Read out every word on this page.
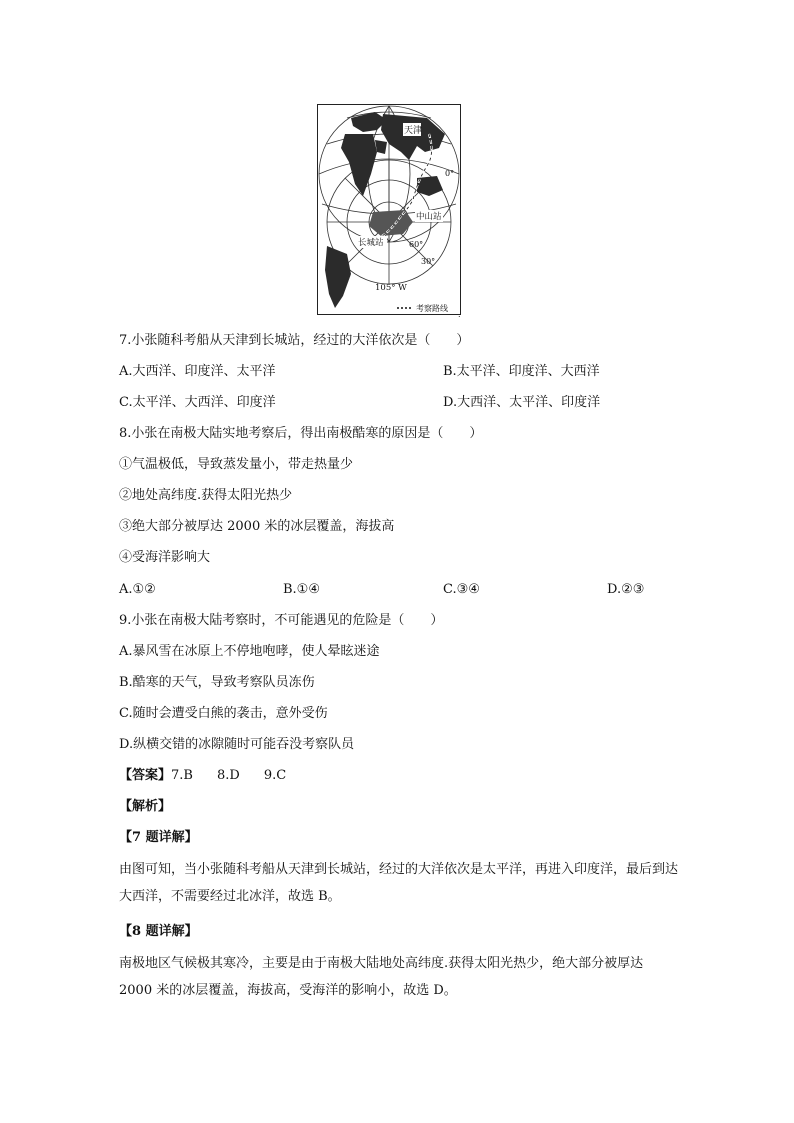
天津
中山站
长城站
0°
60°
30°
105° W
考察路线
.
7.小张随科考船从天津到长城站，经过的大洋依次是（　　）
A.大西洋、印度洋、太平洋	B.太平洋、印度洋、大西洋
C.太平洋、大西洋、印度洋	D.大西洋、太平洋、印度洋
8.小张在南极大陆实地考察后，得出南极酷寒的原因是（　　）
①气温极低，导致蒸发量小，带走热量少
②地处高纬度.获得太阳光热少
③绝大部分被厚达 2000 米的冰层覆盖，海拔高
④受海洋影响大
A.①②	B.①④	C.③④	D.②③
9.小张在南极大陆考察时，不可能遇见的危险是（　　）
A.暴风雪在冰原上不停地咆哮，使人晕眩迷途
B.酷寒的天气，导致考察队员冻伤
C.随时会遭受白熊的袭击，意外受伤
D.纵横交错的冰隙随时可能吞没考察队员
【答案】7.B 8.D 9.C
【解析】
【7 题详解】
由图可知，当小张随科考船从天津到长城站，经过的大洋依次是太平洋，再进入印度洋，最后到达大西洋，不需要经过北冰洋，故选 B。
【8 题详解】
南极地区气候极其寒冷，主要是由于南极大陆地处高纬度.获得太阳光热少，绝大部分被厚达 2000 米的冰层覆盖，海拔高，受海洋的影响小，故选 D。
